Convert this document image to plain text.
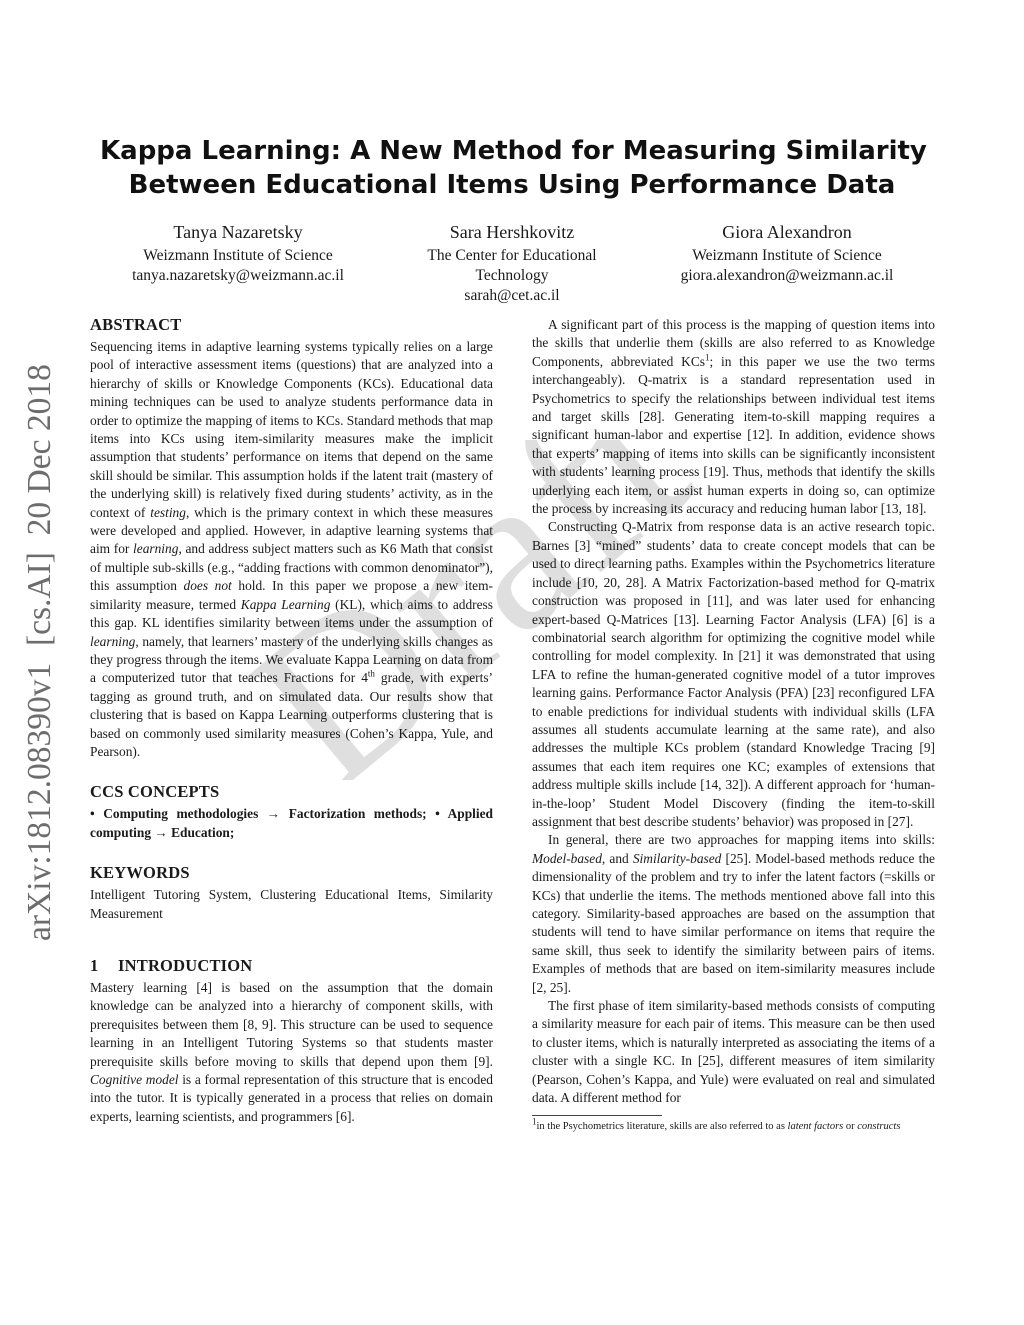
arXiv:1812.08390v1  [cs.AI]  20 Dec 2018 Draft
Kappa Learning: A New Method for Measuring Similarity
Between Educational Items Using Performance Data
Tanya Nazaretsky
Weizmann Institute of Science
tanya.nazaretsky@weizmann.ac.il
Sara Hershkovitz
The Center for Educational
Technology
sarah@cet.ac.il
Giora Alexandron
Weizmann Institute of Science
giora.alexandron@weizmann.ac.il
ABSTRACT

Sequencing items in adaptive learning systems typically relies on a large pool of interactive assessment items (questions) that are analyzed into a hierarchy of skills or Knowledge Components (KCs). Educational data mining techniques can be used to analyze students performance data in order to optimize the mapping of items to KCs. Standard methods that map items into KCs using item-similarity measures make the implicit assumption that students’ performance on items that depend on the same skill should be similar. This assumption holds if the latent trait (mastery of the underlying skill) is relatively fixed during students’ activity, as in the context of testing, which is the primary context in which these measures were developed and applied. However, in adaptive learning systems that aim for learning, and address subject matters such as K6 Math that consist of multiple sub-skills (e.g., “adding fractions with common denominator”), this assumption does not hold. In this paper we propose a new item-similarity measure, termed Kappa Learning (KL), which aims to address this gap. KL identifies similarity between items under the assumption of learning, namely, that learners’ mastery of the underlying skills changes as they progress through the items. We evaluate Kappa Learning on data from a computerized tutor that teaches Fractions for 4th grade, with experts’ tagging as ground truth, and on simulated data. Our results show that clustering that is based on Kappa Learning outperforms clustering that is based on commonly used similarity measures (Cohen’s Kappa, Yule, and Pearson).

CCS CONCEPTS

• Computing methodologies → Factorization methods; • Applied computing → Education;

KEYWORDS

Intelligent Tutoring System, Clustering Educational Items, Similarity Measurement

1 INTRODUCTION

Mastery learning [4] is based on the assumption that the domain knowledge can be analyzed into a hierarchy of component skills, with prerequisites between them [8, 9]. This structure can be used to sequence learning in an Intelligent Tutoring Systems so that students master prerequisite skills before moving to skills that depend upon them [9]. Cognitive model is a formal representation of this structure that is encoded into the tutor. It is typically generated in a process that relies on domain experts, learning scientists, and programmers [6].

A significant part of this process is the mapping of question items into the skills that underlie them (skills are also referred to as Knowledge Components, abbreviated KCs$^1$; in this paper we use the two terms interchangeably). Q-matrix is a standard representation used in Psychometrics to specify the relationships between individual test items and target skills [28]. Generating item-to-skill mapping requires a significant human-labor and expertise [12]. In addition, evidence shows that experts’ mapping of items into skills can be significantly inconsistent with students’ learning process [19]. Thus, methods that identify the skills underlying each item, or assist human experts in doing so, can optimize the process by increasing its accuracy and reducing human labor [13, 18].

Constructing Q-Matrix from response data is an active research topic. Barnes [3] “mined” students’ data to create concept models that can be used to direct learning paths. Examples within the Psychometrics literature include [10, 20, 28]. A Matrix Factorization-based method for Q-matrix construction was proposed in [11], and was later used for enhancing expert-based Q-Matrices [13]. Learning Factor Analysis (LFA) [6] is a combinatorial search algorithm for optimizing the cognitive model while controlling for model complexity. In [21] it was demonstrated that using LFA to refine the human-generated cognitive model of a tutor improves learning gains. Performance Factor Analysis (PFA) [23] reconfigured LFA to enable predictions for individual students with individual skills (LFA assumes all students accumulate learning at the same rate), and also addresses the multiple KCs problem (standard Knowledge Tracing [9] assumes that each item requires one KC; examples of extensions that address multiple skills include [14, 32]). A different approach for ‘human-in-the-loop’ Student Model Discovery (finding the item-to-skill assignment that best describe students’ behavior) was proposed in [27].

In general, there are two approaches for mapping items into skills: Model-based, and Similarity-based [25]. Model-based methods reduce the dimensionality of the problem and try to infer the latent factors (=skills or KCs) that underlie the items. The methods mentioned above fall into this category. Similarity-based approaches are based on the assumption that students will tend to have similar performance on items that require the same skill, thus seek to identify the similarity between pairs of items. Examples of methods that are based on item-similarity measures include [2, 25].

The first phase of item similarity-based methods consists of computing a similarity measure for each pair of items. This measure can be then used to cluster items, which is naturally interpreted as associating the items of a cluster with a single KC. In [25], different measures of item similarity (Pearson, Cohen’s Kappa, and Yule) were evaluated on real and simulated data. A different method for

$^1$in the Psychometrics literature, skills are also referred to as latent factors or constructs
